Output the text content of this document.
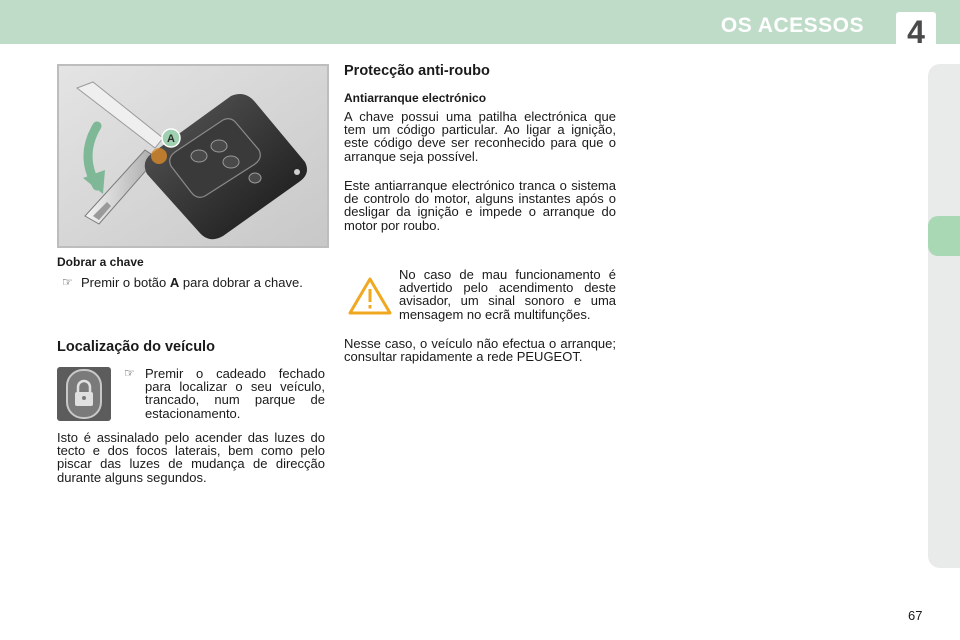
OS ACESSOS	4
A
Dobrar a chave
☞ Premir o botão A para dobrar a chave.
Localização do veículo
☞ Premir o cadeado fechado para localizar o seu veículo, trancado, num parque de estacionamento.
Isto é assinalado pelo acender das luzes do tecto e dos focos laterais, bem como pelo piscar das luzes de mudança de direcção durante alguns segundos.
Protecção anti-roubo
Antiarranque electrónico
A chave possui uma patilha electrónica que tem um código particular. Ao ligar a ignição, este código deve ser reconhecido para que o arranque seja possível.
Este antiarranque electrónico tranca o sistema de controlo do motor, alguns instantes após o desligar da ignição e impede o arranque do motor por roubo.
No caso de mau funcionamento é advertido pelo acendimento deste avisador, um sinal sonoro e uma mensagem no ecrã multifunções.
Nesse caso, o veículo não efectua o arranque; consultar rapidamente a rede PEUGEOT.
67
